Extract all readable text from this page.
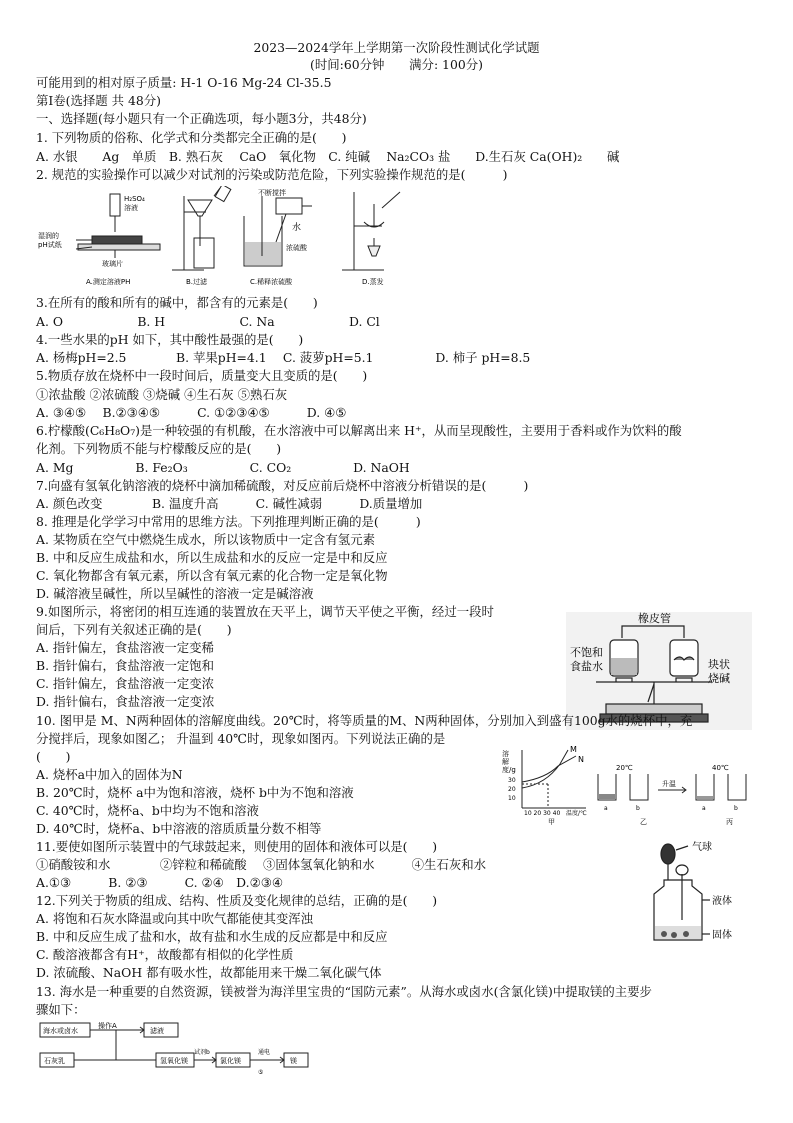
2023—2024学年上学期第一次阶段性测试化学试题
(时间:60分钟　　满分: 100分)
可能用到的相对原子质量: H-1 O-16 Mg-24 Cl-35.5
第Ⅰ卷(选择题 共 48分)
一、选择题(每小题只有一个正确选项，每小题3分，共48分)
1. 下列物质的俗称、化学式和分类都完全正确的是(　　)
A. 水银　　Ag　单质　B. 熟石灰　 CaO　氧化物　C. 纯碱　 Na₂CO₃ 盐　　D.生石灰 Ca(OH)₂　　碱
2. 规范的实验操作可以减少对试剂的污染或防范危险，下列实验操作规范的是(　　　)
H₂SO₄
溶液
湿润的
pH试纸
玻璃片
A.测定溶液PH	B.过滤
不断搅拌
水
浓硫酸
C.稀释浓硫酸	D.蒸发
3.在所有的酸和所有的碱中，都含有的元素是(　　)
A. O　　　　　　B. H　　　　　　C. Na　　　　　　D. Cl
4.一些水果的pH 如下，其中酸性最强的是(　　)
A. 杨梅pH=2.5　　　　B. 苹果pH=4.1　 C. 菠萝pH=5.1　　　　　D. 柿子 pH=8.5
5.物质存放在烧杯中一段时间后，质量变大且变质的是(　　)
①浓盐酸 ②浓硫酸 ③烧碱 ④生石灰 ⑤熟石灰
A. ③④⑤　 B.②③④⑤　　　C. ①②③④⑤　　　D. ④⑤
6.柠檬酸(C₆H₈O₇)是一种较强的有机酸，在水溶液中可以解离出来 H⁺，从而呈现酸性，主要用于香料或作为饮料的酸
化剂。下列物质不能与柠檬酸反应的是(　　)
A. Mg　　　　　B. Fe₂O₃　　　　　C. CO₂　　　　　D. NaOH
7.向盛有氢氧化钠溶液的烧杯中滴加稀硫酸，对反应前后烧杯中溶液分析错误的是(　　　)
A. 颜色改变　　　　B. 温度升高　　　C. 碱性减弱　　　D.质量增加
8. 推理是化学学习中常用的思维方法。下列推理判断正确的是(　　　)
A. 某物质在空气中燃烧生成水，所以该物质中一定含有氢元素
B. 中和反应生成盐和水，所以生成盐和水的反应一定是中和反应
C. 氧化物都含有氧元素，所以含有氧元素的化合物一定是氧化物
D. 碱溶液呈碱性，所以呈碱性的溶液一定是碱溶液
9.如图所示，将密闭的相互连通的装置放在天平上，调节天平使之平衡，经过一段时
间后，下列有关叙述正确的是(　　)
A. 指针偏左，食盐溶液一定变稀
B. 指针偏右，食盐溶液一定饱和
C. 指针偏左，食盐溶液一定变浓
D. 指针偏右，食盐溶液一定变浓
橡皮管
不饱和
食盐水	块状
烧碱
10. 图甲是 M、N两种固体的溶解度曲线。20℃时，将等质量的M、N两种固体，分别加入到盛有100g水的烧杯中，充
分搅拌后，现象如图乙； 升温到 40℃时，现象如图丙。下列说法正确的是
(　　)
A. 烧杯a中加入的固体为N
B. 20℃时，烧杯 a中为饱和溶液，烧杯 b中为不饱和溶液
C. 40℃时，烧杯a、b中均为不饱和溶液
D. 40℃时，烧杯a、b中溶液的溶质质量分数不相等
溶
解
度/g
M
N
30
20
10
10 20 30 40 温度/℃
甲
20℃	40℃
升温
a	b	a	b
乙	丙
11.要使如图所示装置中的气球鼓起来，则使用的固体和液体可以是(　　)
①硝酸铵和水　　　　②锌粒和稀硫酸　 ③固体氢氧化钠和水　　　④生石灰和水
A.①③　　　B. ②③　　　C. ②④　D.②③④
12.下列关于物质的组成、结构、性质及变化规律的总结，正确的是(　　)
A. 将饱和石灰水降温或向其中吹气都能使其变浑浊
B. 中和反应生成了盐和水，故有盐和水生成的反应都是中和反应
C. 酸溶液都含有H⁺，故酸都有相似的化学性质
D. 浓硫酸、NaOH 都有吸水性，故都能用来干燥二氧化碳气体
气球
液体
固体
13. 海水是一种重要的自然资源，镁被誉为海洋里宝贵的“国防元素”。从海水或卤水(含氯化镁)中提取镁的主要步
骤如下：
海水或卤水
操作A
滤液
石灰乳	氢氧化镁
试剂b
氯化镁
通电
镁
⑤
